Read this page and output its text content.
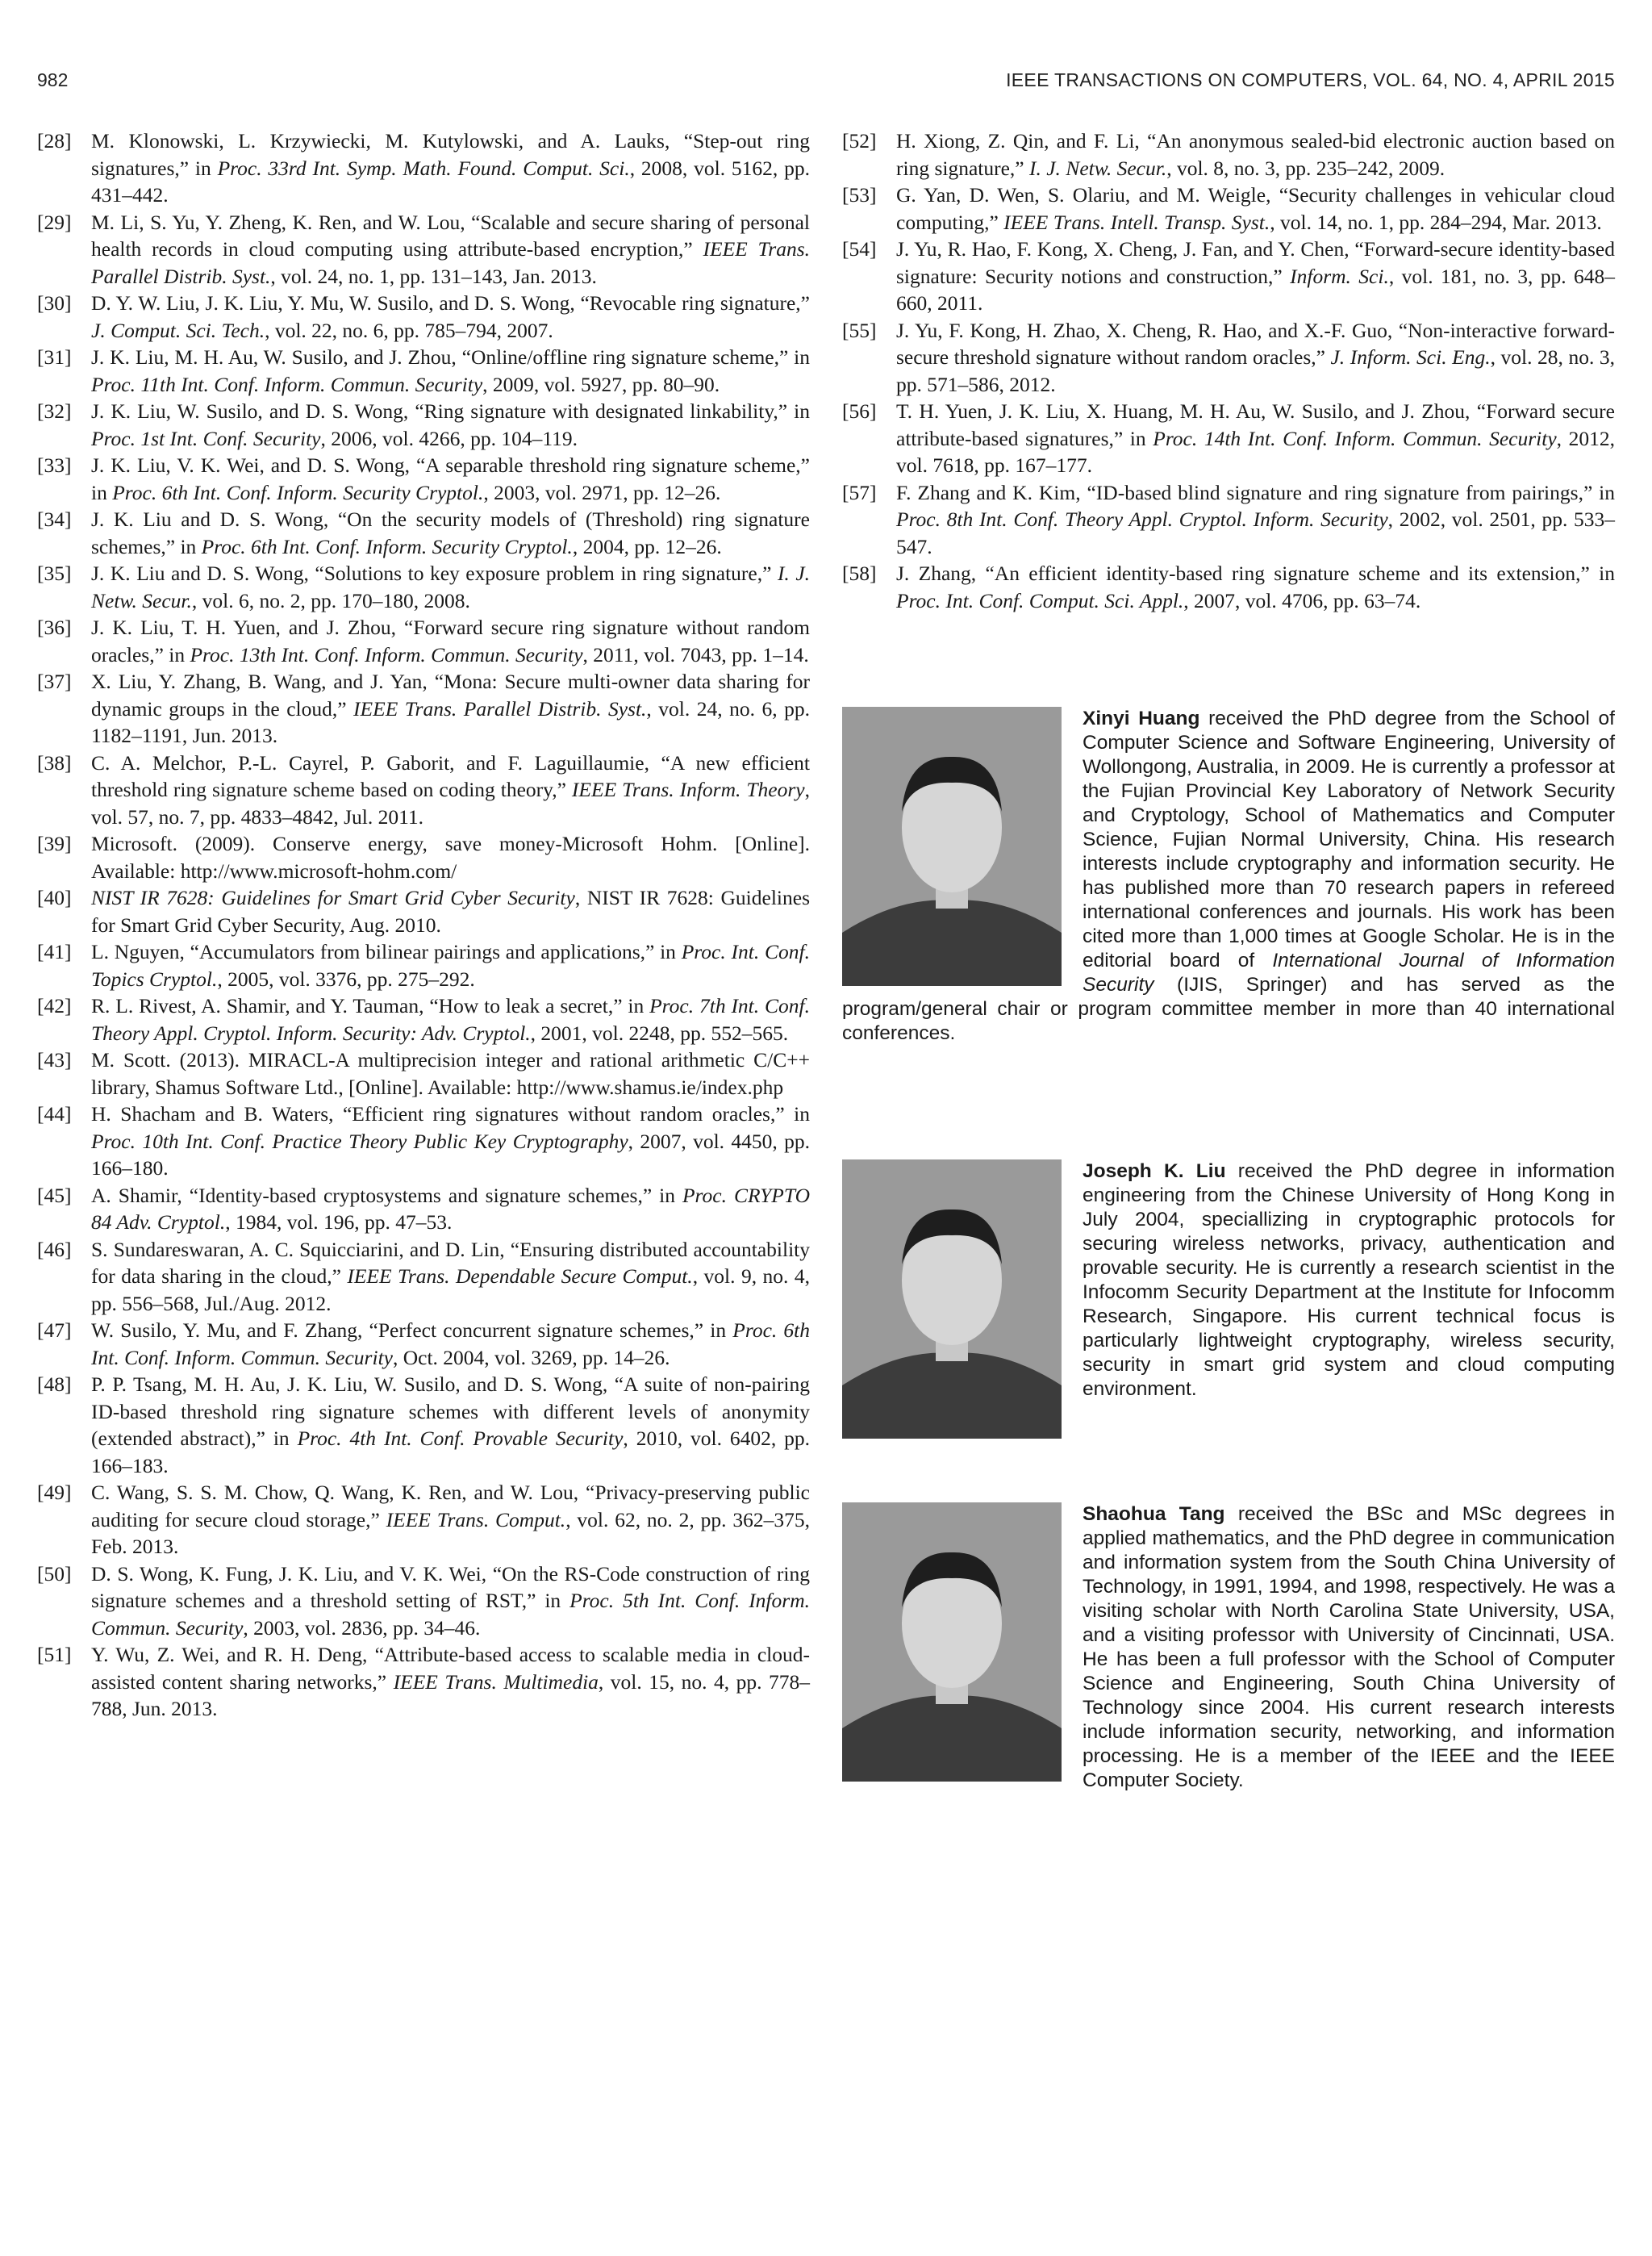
982	IEEE TRANSACTIONS ON COMPUTERS, VOL. 64, NO. 4, APRIL 2015
[28] M. Klonowski, L. Krzywiecki, M. Kutylowski, and A. Lauks, “Step-out ring signatures,” in Proc. 33rd Int. Symp. Math. Found. Comput. Sci., 2008, vol. 5162, pp. 431–442.
[29] M. Li, S. Yu, Y. Zheng, K. Ren, and W. Lou, “Scalable and secure sharing of personal health records in cloud computing using attribute-based encryption,” IEEE Trans. Parallel Distrib. Syst., vol. 24, no. 1, pp. 131–143, Jan. 2013.
[30] D. Y. W. Liu, J. K. Liu, Y. Mu, W. Susilo, and D. S. Wong, “Revocable ring signature,” J. Comput. Sci. Tech., vol. 22, no. 6, pp. 785–794, 2007.
[31] J. K. Liu, M. H. Au, W. Susilo, and J. Zhou, “Online/offline ring signature scheme,” in Proc. 11th Int. Conf. Inform. Commun. Security, 2009, vol. 5927, pp. 80–90.
[32] J. K. Liu, W. Susilo, and D. S. Wong, “Ring signature with designated linkability,” in Proc. 1st Int. Conf. Security, 2006, vol. 4266, pp. 104–119.
[33] J. K. Liu, V. K. Wei, and D. S. Wong, “A separable threshold ring signature scheme,” in Proc. 6th Int. Conf. Inform. Security Cryptol., 2003, vol. 2971, pp. 12–26.
[34] J. K. Liu and D. S. Wong, “On the security models of (Threshold) ring signature schemes,” in Proc. 6th Int. Conf. Inform. Security Cryptol., 2004, pp. 12–26.
[35] J. K. Liu and D. S. Wong, “Solutions to key exposure problem in ring signature,” I. J. Netw. Secur., vol. 6, no. 2, pp. 170–180, 2008.
[36] J. K. Liu, T. H. Yuen, and J. Zhou, “Forward secure ring signature without random oracles,” in Proc. 13th Int. Conf. Inform. Commun. Security, 2011, vol. 7043, pp. 1–14.
[37] X. Liu, Y. Zhang, B. Wang, and J. Yan, “Mona: Secure multi-owner data sharing for dynamic groups in the cloud,” IEEE Trans. Parallel Distrib. Syst., vol. 24, no. 6, pp. 1182–1191, Jun. 2013.
[38] C. A. Melchor, P.-L. Cayrel, P. Gaborit, and F. Laguillaumie, “A new efficient threshold ring signature scheme based on coding theory,” IEEE Trans. Inform. Theory, vol. 57, no. 7, pp. 4833–4842, Jul. 2011.
[39] Microsoft. (2009). Conserve energy, save money-Microsoft Hohm. [Online]. Available: http://www.microsoft-hohm.com/
[40] NIST IR 7628: Guidelines for Smart Grid Cyber Security, NIST IR 7628: Guidelines for Smart Grid Cyber Security, Aug. 2010.
[41] L. Nguyen, “Accumulators from bilinear pairings and applications,” in Proc. Int. Conf. Topics Cryptol., 2005, vol. 3376, pp. 275–292.
[42] R. L. Rivest, A. Shamir, and Y. Tauman, “How to leak a secret,” in Proc. 7th Int. Conf. Theory Appl. Cryptol. Inform. Security: Adv. Cryptol., 2001, vol. 2248, pp. 552–565.
[43] M. Scott. (2013). MIRACL-A multiprecision integer and rational arithmetic C/C++ library, Shamus Software Ltd., [Online]. Available: http://www.shamus.ie/index.php
[44] H. Shacham and B. Waters, “Efficient ring signatures without random oracles,” in Proc. 10th Int. Conf. Practice Theory Public Key Cryptography, 2007, vol. 4450, pp. 166–180.
[45] A. Shamir, “Identity-based cryptosystems and signature schemes,” in Proc. CRYPTO 84 Adv. Cryptol., 1984, vol. 196, pp. 47–53.
[46] S. Sundareswaran, A. C. Squicciarini, and D. Lin, “Ensuring distributed accountability for data sharing in the cloud,” IEEE Trans. Dependable Secure Comput., vol. 9, no. 4, pp. 556–568, Jul./Aug. 2012.
[47] W. Susilo, Y. Mu, and F. Zhang, “Perfect concurrent signature schemes,” in Proc. 6th Int. Conf. Inform. Commun. Security, Oct. 2004, vol. 3269, pp. 14–26.
[48] P. P. Tsang, M. H. Au, J. K. Liu, W. Susilo, and D. S. Wong, “A suite of non-pairing ID-based threshold ring signature schemes with different levels of anonymity (extended abstract),” in Proc. 4th Int. Conf. Provable Security, 2010, vol. 6402, pp. 166–183.
[49] C. Wang, S. S. M. Chow, Q. Wang, K. Ren, and W. Lou, “Privacy-preserving public auditing for secure cloud storage,” IEEE Trans. Comput., vol. 62, no. 2, pp. 362–375, Feb. 2013.
[50] D. S. Wong, K. Fung, J. K. Liu, and V. K. Wei, “On the RS-Code construction of ring signature schemes and a threshold setting of RST,” in Proc. 5th Int. Conf. Inform. Commun. Security, 2003, vol. 2836, pp. 34–46.
[51] Y. Wu, Z. Wei, and R. H. Deng, “Attribute-based access to scalable media in cloud-assisted content sharing networks,” IEEE Trans. Multimedia, vol. 15, no. 4, pp. 778–788, Jun. 2013.
[52] H. Xiong, Z. Qin, and F. Li, “An anonymous sealed-bid electronic auction based on ring signature,” I. J. Netw. Secur., vol. 8, no. 3, pp. 235–242, 2009.
[53] G. Yan, D. Wen, S. Olariu, and M. Weigle, “Security challenges in vehicular cloud computing,” IEEE Trans. Intell. Transp. Syst., vol. 14, no. 1, pp. 284–294, Mar. 2013.
[54] J. Yu, R. Hao, F. Kong, X. Cheng, J. Fan, and Y. Chen, “Forward-secure identity-based signature: Security notions and construction,” Inform. Sci., vol. 181, no. 3, pp. 648–660, 2011.
[55] J. Yu, F. Kong, H. Zhao, X. Cheng, R. Hao, and X.-F. Guo, “Non-interactive forward-secure threshold signature without random oracles,” J. Inform. Sci. Eng., vol. 28, no. 3, pp. 571–586, 2012.
[56] T. H. Yuen, J. K. Liu, X. Huang, M. H. Au, W. Susilo, and J. Zhou, “Forward secure attribute-based signatures,” in Proc. 14th Int. Conf. Inform. Commun. Security, 2012, vol. 7618, pp. 167–177.
[57] F. Zhang and K. Kim, “ID-based blind signature and ring signature from pairings,” in Proc. 8th Int. Conf. Theory Appl. Cryptol. Inform. Security, 2002, vol. 2501, pp. 533–547.
[58] J. Zhang, “An efficient identity-based ring signature scheme and its extension,” in Proc. Int. Conf. Comput. Sci. Appl., 2007, vol. 4706, pp. 63–74.
Xinyi Huang received the PhD degree from the School of Computer Science and Software Engineering, University of Wollongong, Australia, in 2009. He is currently a professor at the Fujian Provincial Key Laboratory of Network Security and Cryptology, School of Mathematics and Computer Science, Fujian Normal University, China. His research interests include cryptography and information security. He has published more than 70 research papers in refereed international conferences and journals. His work has been cited more than 1,000 times at Google Scholar. He is in the editorial board of International Journal of Information Security (IJIS, Springer) and has served as the program/general chair or program committee member in more than 40 international conferences.
Joseph K. Liu received the PhD degree in information engineering from the Chinese University of Hong Kong in July 2004, speciallizing in cryptographic protocols for securing wireless networks, privacy, authentication and provable security. He is currently a research scientist in the Infocomm Security Department at the Institute for Infocomm Research, Singapore. His current technical focus is particularly lightweight cryptography, wireless security, security in smart grid system and cloud computing environment.
Shaohua Tang received the BSc and MSc degrees in applied mathematics, and the PhD degree in communication and information system from the South China University of Technology, in 1991, 1994, and 1998, respectively. He was a visiting scholar with North Carolina State University, USA, and a visiting professor with University of Cincinnati, USA. He has been a full professor with the School of Computer Science and Engineering, South China University of Technology since 2004. His current research interests include information security, networking, and information processing. He is a member of the IEEE and the IEEE Computer Society.
